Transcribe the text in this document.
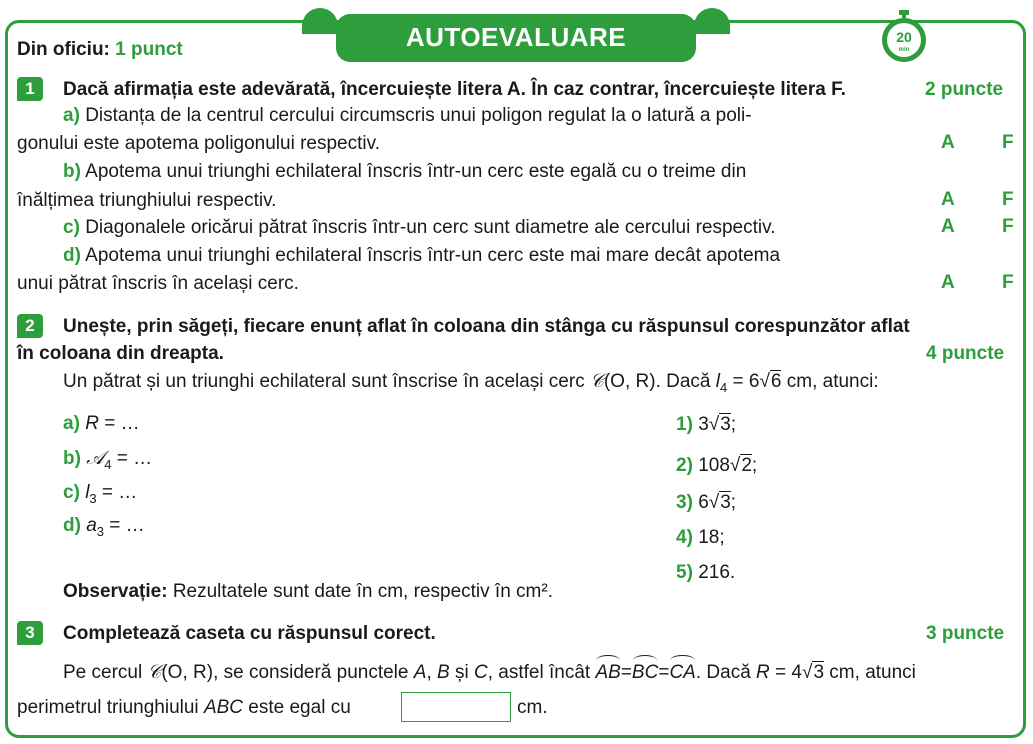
AUTOEVALUARE	20
min
Din oficiu: 1 punct
1	Dacă afirmația este adevărată, încercuiește litera A. În caz contrar, încercuiește litera F.	2 puncte
a) Distanța de la centrul cercului circumscris unui poligon regulat la o latură a poli-
gonului este apotema poligonului respectiv.	A F
b) Apotema unui triunghi echilateral înscris într-un cerc este egală cu o treime din
înălțimea triunghiului respectiv.	A F
c) Diagonalele oricărui pătrat înscris într-un cerc sunt diametre ale cercului respectiv.	A F
d) Apotema unui triunghi echilateral înscris într-un cerc este mai mare decât apotema
unui pătrat înscris în același cerc.	A F
2	Unește, prin săgeți, fiecare enunț aflat în coloana din stânga cu răspunsul corespunzător aflat
în coloana din dreapta.	4 puncte
Un pătrat și un triunghi echilateral sunt înscrise în același cerc 𝒞(O, R). Dacă $l_4 = 6√6$ cm, atunci:
a) R = …
b) 𝒜$_4$ = …
c) $l_3$ = …
d) $a_3$ = …
1) 3√3;
2) 108√2;
3) 6√3;
4) 18;
5) 216.
Observație: Rezultatele sunt date în cm, respectiv în cm².
3	Completează caseta cu răspunsul corect.	3 puncte
Pe cercul 𝒞(O, R), se consideră punctele A, B și C, astfel încât AB=BC=CA. Dacă R = 4√3 cm, atunci
perimetrul triunghiului ABC este egal cu	cm.
